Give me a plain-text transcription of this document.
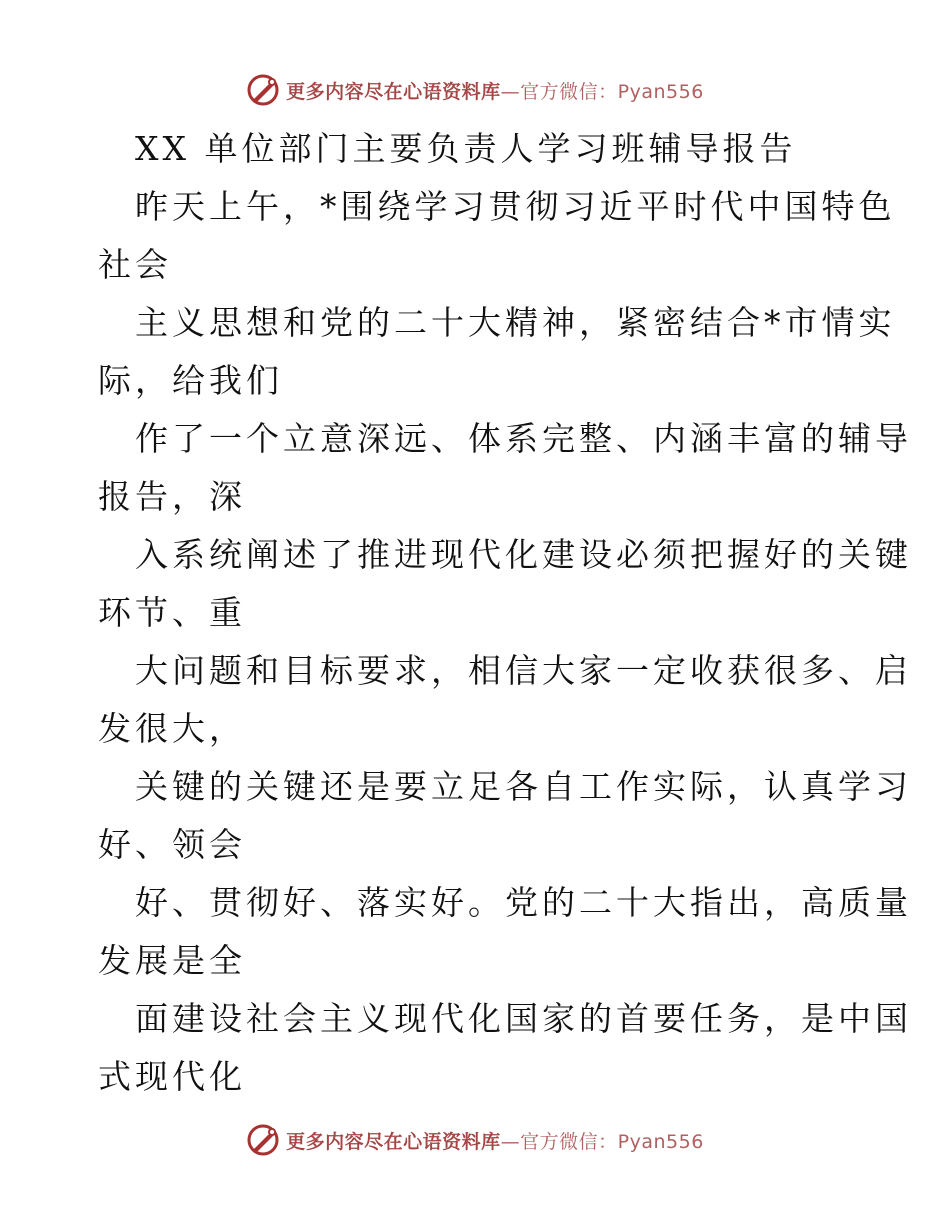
更多内容尽在心语资料库—官方微信：Pyan556
XX 单位部门主要负责人学习班辅导报告
昨天上午，*围绕学习贯彻习近平时代中国特色
社会
主义思想和党的二十大精神，紧密结合*市情实
际，给我们
作了一个立意深远、体系完整、内涵丰富的辅导
报告，深
入系统阐述了推进现代化建设必须把握好的关键
环节、重
大问题和目标要求，相信大家一定收获很多、启
发很大，
关键的关键还是要立足各自工作实际，认真学习
好、领会
好、贯彻好、落实好。党的二十大指出，高质量
发展是全
面建设社会主义现代化国家的首要任务，是中国
式现代化
更多内容尽在心语资料库—官方微信：Pyan556
